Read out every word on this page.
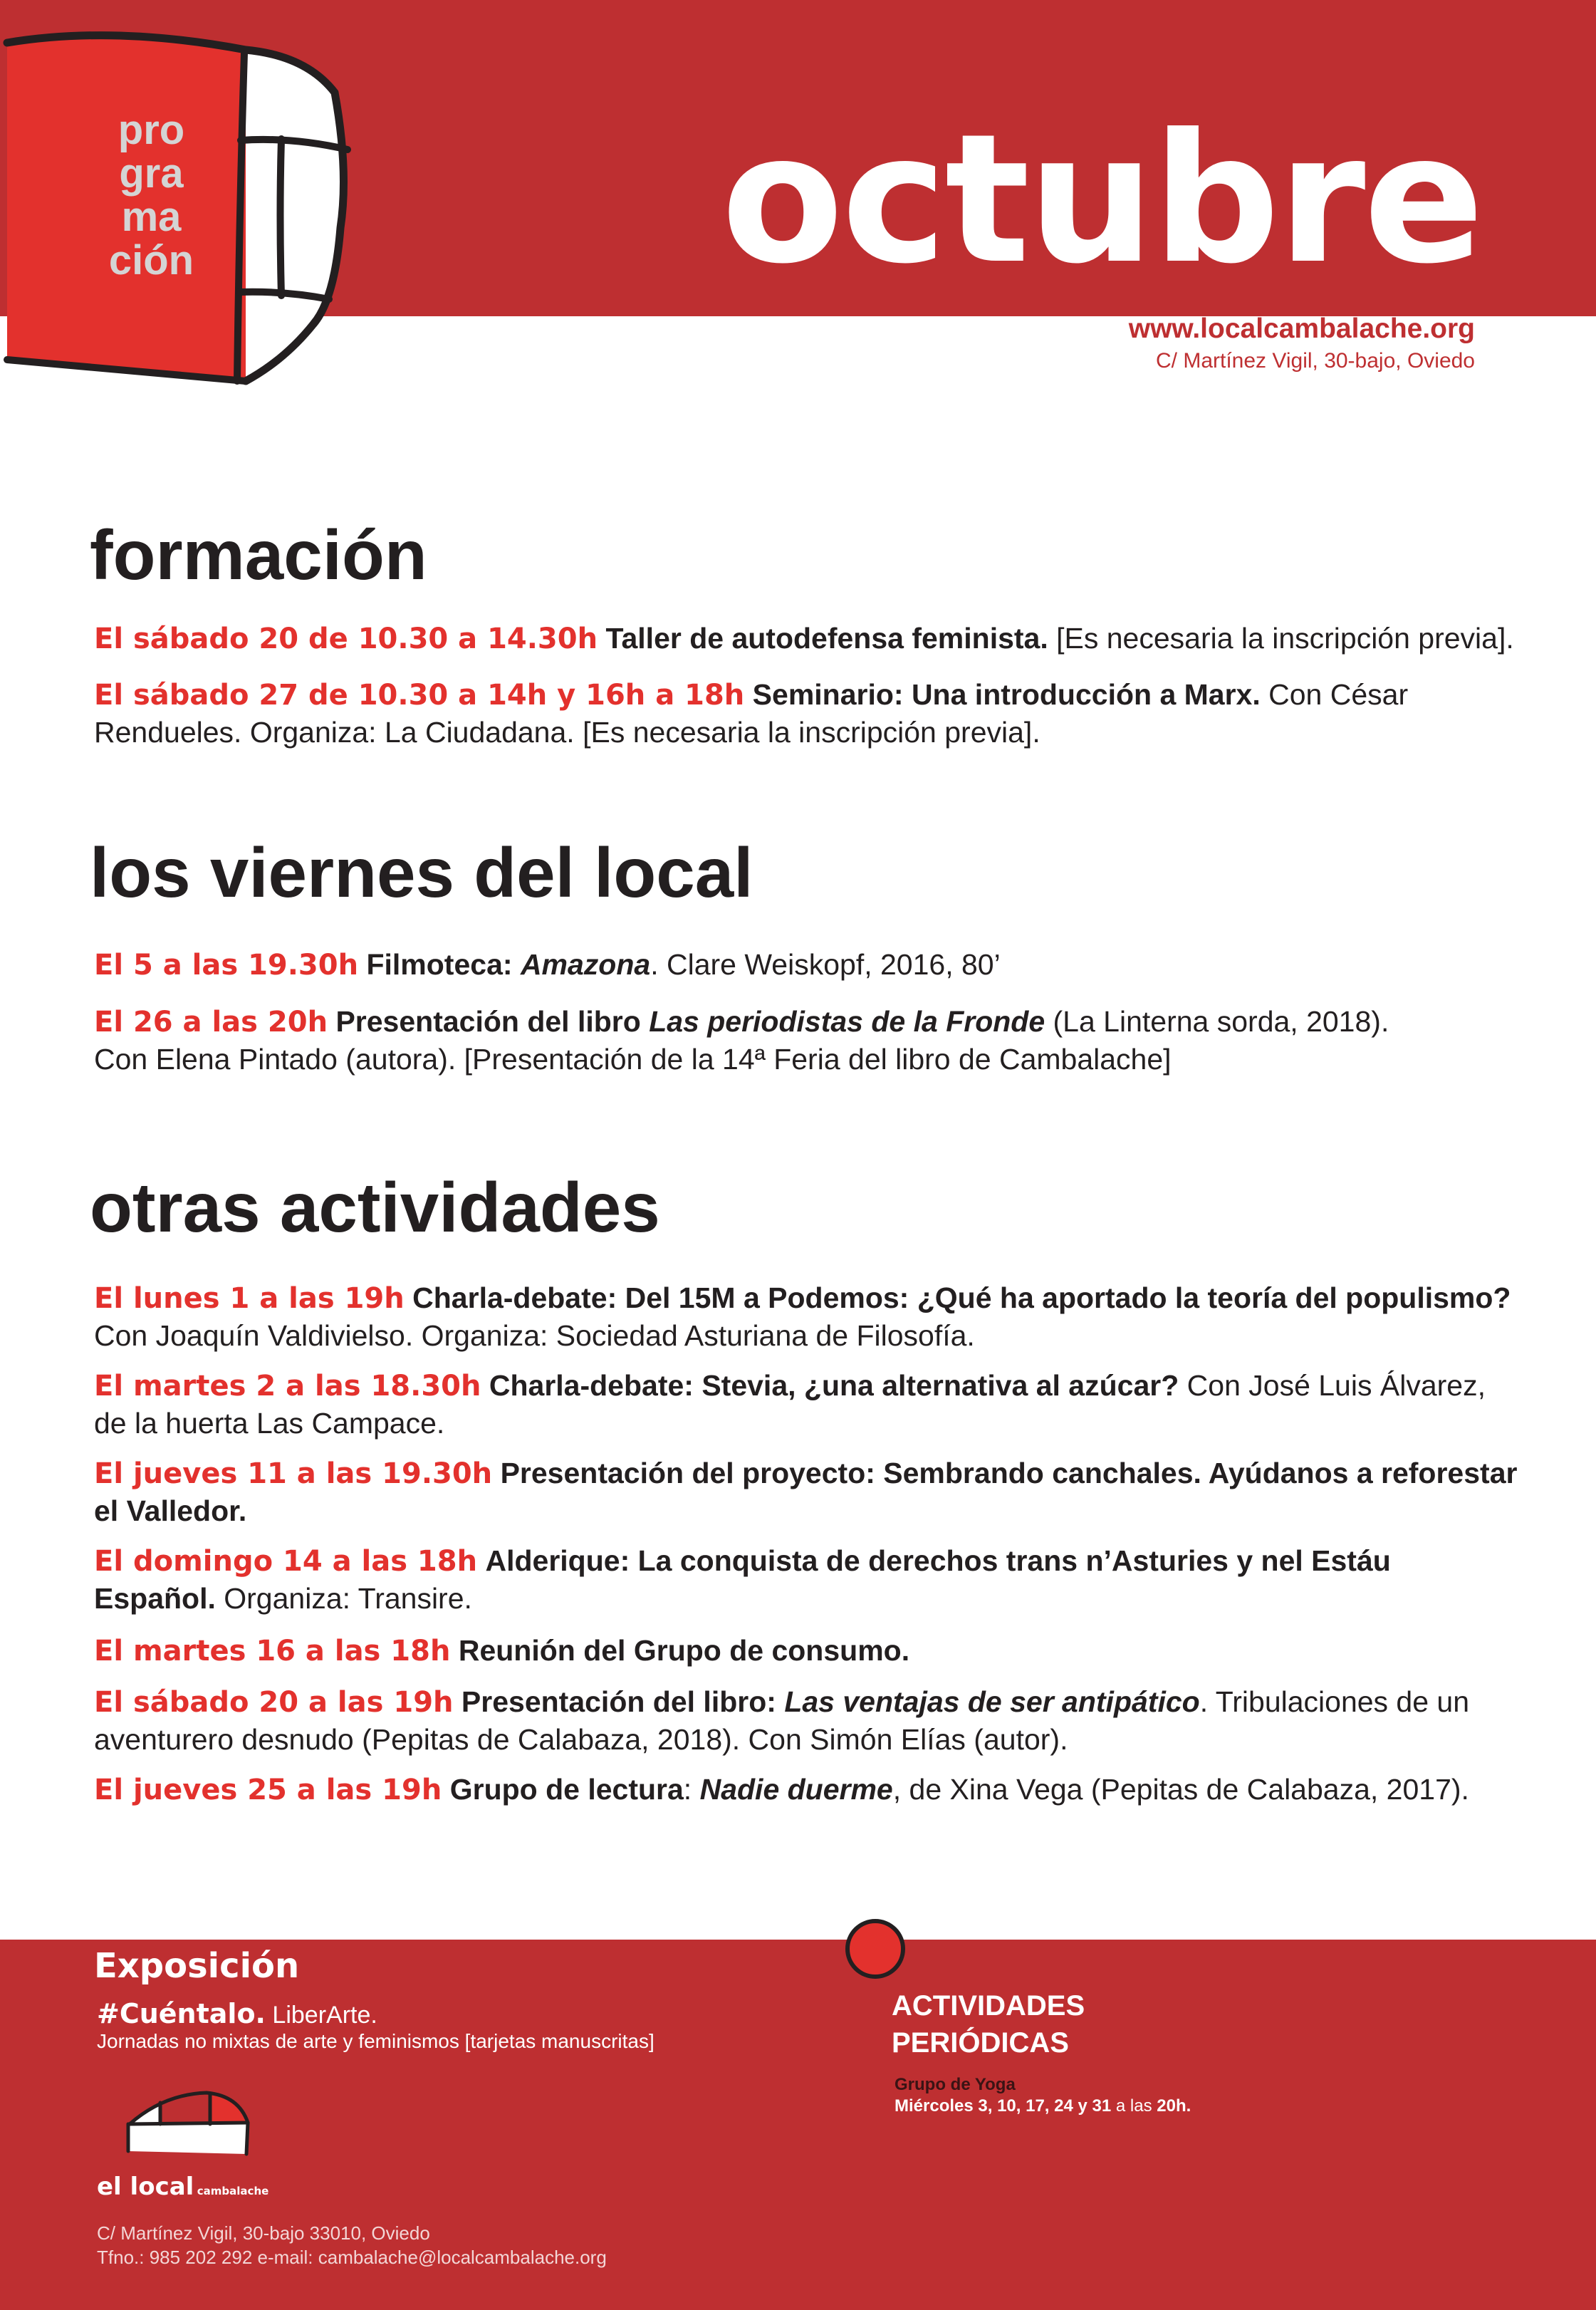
pro
gra
ma
ción	octubre
www.localcambalache.org
C/ Martínez Vigil, 30-bajo, Oviedo
formación
El sábado 20 de 10.30 a 14.30h Taller de autodefensa feminista. [Es necesaria la inscripción previa].
El sábado 27 de 10.30 a 14h y 16h a 18h Seminario: Una introducción a Marx. Con César Rendueles. Organiza: La Ciudadana. [Es necesaria la inscripción previa].
los viernes del local
El 5 a las 19.30h Filmoteca: Amazona. Clare Weiskopf, 2016, 80’
El 26 a las 20h Presentación del libro Las periodistas de la Fronde (La Linterna sorda, 2018).
Con Elena Pintado (autora). [Presentación de la 14ª Feria del libro de Cambalache]
otras actividades
El lunes 1 a las 19h Charla-debate: Del 15M a Podemos: ¿Qué ha aportado la teoría del populismo? Con Joaquín Valdivielso. Organiza: Sociedad Asturiana de Filosofía.
El martes 2 a las 18.30h Charla-debate: Stevia, ¿una alternativa al azúcar? Con José Luis Álvarez, de la huerta Las Campace.
El jueves 11 a las 19.30h Presentación del proyecto: Sembrando canchales. Ayúdanos a reforestar el Valledor.
El domingo 14 a las 18h Alderique: La conquista de derechos trans n’Asturies y nel Estáu Español. Organiza: Transire.
El martes 16 a las 18h Reunión del Grupo de consumo.
El sábado 20 a las 19h Presentación del libro: Las ventajas de ser antipático. Tribulaciones de un aventurero desnudo (Pepitas de Calabaza, 2018). Con Simón Elías (autor).
El jueves 25 a las 19h Grupo de lectura: Nadie duerme, de Xina Vega (Pepitas de Calabaza, 2017).
Exposición
#Cuéntalo. LiberArte.
Jornadas no mixtas de arte y feminismos [tarjetas manuscritas]
el local cambalache
C/ Martínez Vigil, 30-bajo 33010, Oviedo
Tfno.: 985 202 292 e-mail: cambalache@localcambalache.org
ACTIVIDADES
PERIÓDICAS
Grupo de Yoga
Miércoles 3, 10, 17, 24 y 31 a las 20h.
